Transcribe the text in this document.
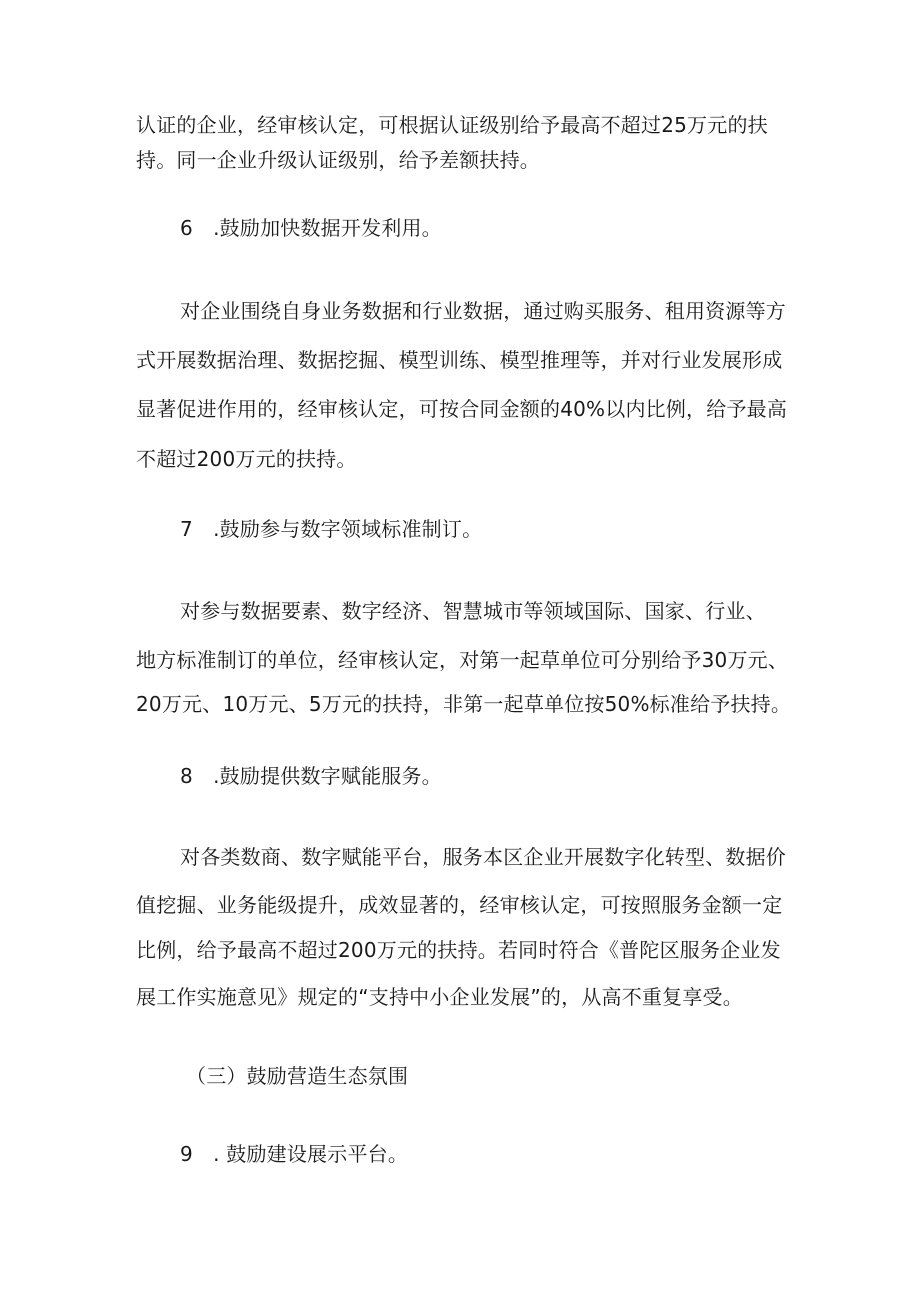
认证的企业，经审核认定，可根据认证级别给予最高不超过25万元的扶
持。同一企业升级认证级别，给予差额扶持。
6　.鼓励加快数据开发利用。
对企业围绕自身业务数据和行业数据，通过购买服务、租用资源等方
式开展数据治理、数据挖掘、模型训练、模型推理等，并对行业发展形成
显著促进作用的，经审核认定，可按合同金额的40%以内比例，给予最高
不超过200万元的扶持。
7　.鼓励参与数字领域标准制订。
对参与数据要素、数字经济、智慧城市等领域国际、国家、行业、
地方标准制订的单位，经审核认定，对第一起草单位可分别给予30万元、
20万元、10万元、5万元的扶持，非第一起草单位按50%标准给予扶持。
8　.鼓励提供数字赋能服务。
对各类数商、数字赋能平台，服务本区企业开展数字化转型、数据价
值挖掘、业务能级提升，成效显著的，经审核认定，可按照服务金额一定
比例，给予最高不超过200万元的扶持。若同时符合《普陀区服务企业发
展工作实施意见》规定的“支持中小企业发展”的，从高不重复享受。
（三）鼓励营造生态氛围
9　. 鼓励建设展示平台。
